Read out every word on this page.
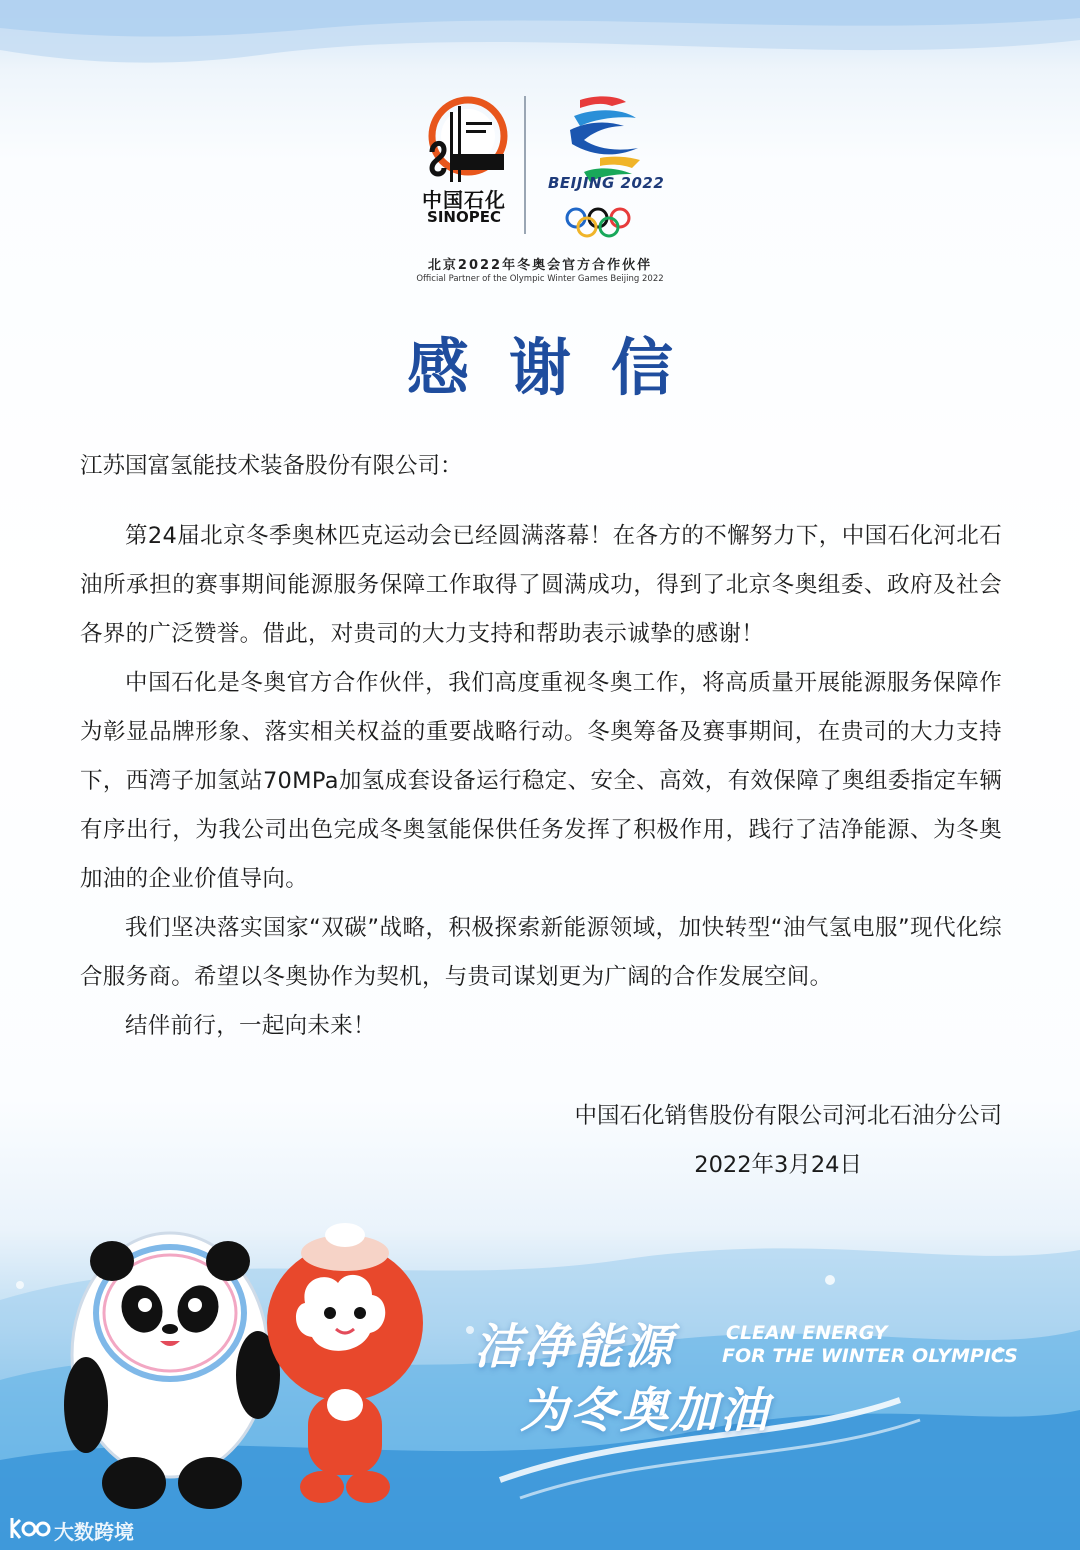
中国石化
SINOPEC
BEIJING 2022
北京2022年冬奥会官方合作伙伴
Official Partner of the Olympic Winter Games Beijing 2022
感谢信

江苏国富氢能技术装备股份有限公司：

第24届北京冬季奥林匹克运动会已经圆满落幕！在各方的不懈努力下，中国石化河北石油所承担的赛事期间能源服务保障工作取得了圆满成功，得到了北京冬奥组委、政府及社会各界的广泛赞誉。借此，对贵司的大力支持和帮助表示诚挚的感谢！

中国石化是冬奥官方合作伙伴，我们高度重视冬奥工作，将高质量开展能源服务保障作为彰显品牌形象、落实相关权益的重要战略行动。冬奥筹备及赛事期间，在贵司的大力支持下，西湾子加氢站70MPa加氢成套设备运行稳定、安全、高效，有效保障了奥组委指定车辆有序出行，为我公司出色完成冬奥氢能保供任务发挥了积极作用，践行了洁净能源、为冬奥加油的企业价值导向。

我们坚决落实国家“双碳”战略，积极探索新能源领域，加快转型“油气氢电服”现代化综合服务商。希望以冬奥协作为契机，与贵司谋划更为广阔的合作发展空间。

结伴前行，一起向未来！

中国石化销售股份有限公司河北石油分公司
2022年3月24日
洁净能源	CLEAN ENERGY
FOR THE WINTER OLYMPICS
为冬奥加油
大数跨境
